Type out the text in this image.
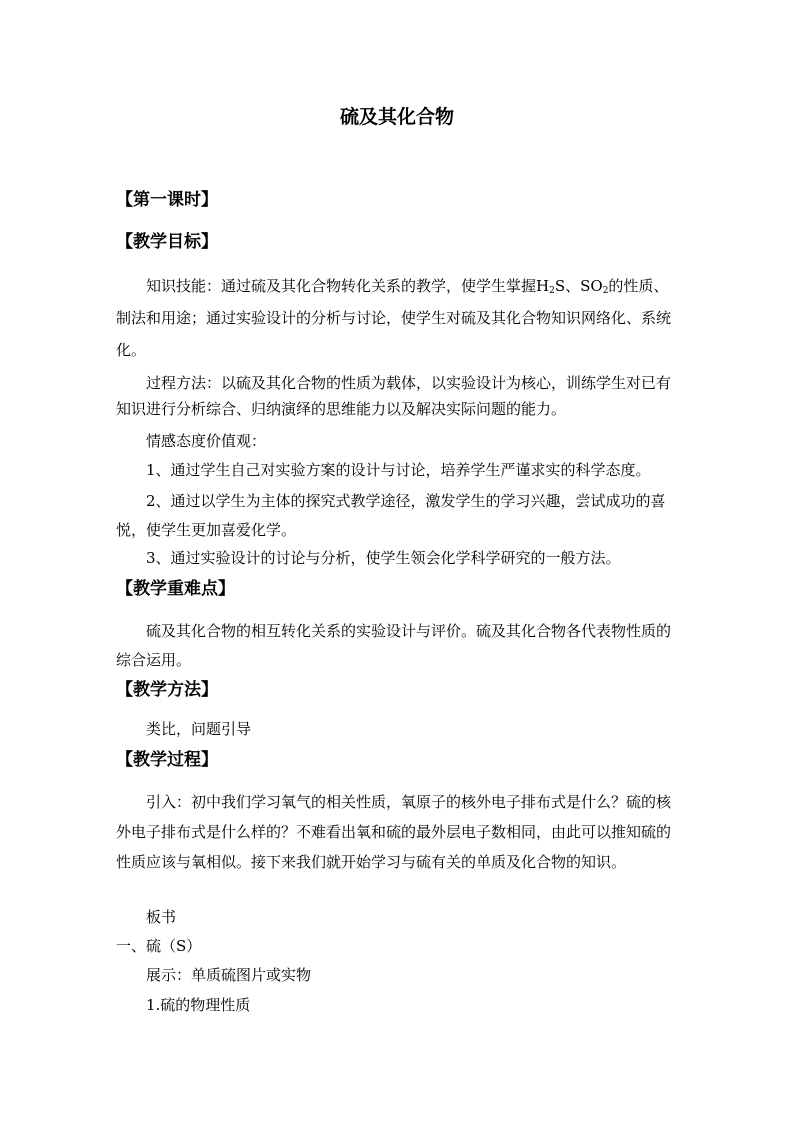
硫及其化合物
【第一课时】
【教学目标】

知识技能：通过硫及其化合物转化关系的教学，使学生掌握$H_2S$、$SO_2$的性质、制法和用途；通过实验设计的分析与讨论，使学生对硫及其化合物知识网络化、系统化。

过程方法：以硫及其化合物的性质为载体，以实验设计为核心，训练学生对已有知识进行分析综合、归纳演绎的思维能力以及解决实际问题的能力。

情感态度价值观：

1、通过学生自己对实验方案的设计与讨论，培养学生严谨求实的科学态度。

2、通过以学生为主体的探究式教学途径，激发学生的学习兴趣，尝试成功的喜悦，使学生更加喜爱化学。

3、通过实验设计的讨论与分析，使学生领会化学科学研究的一般方法。

【教学重难点】

硫及其化合物的相互转化关系的实验设计与评价。硫及其化合物各代表物性质的综合运用。

【教学方法】

类比，问题引导

【教学过程】

引入：初中我们学习氧气的相关性质，氧原子的核外电子排布式是什么？硫的核外电子排布式是什么样的？不难看出氧和硫的最外层电子数相同，由此可以推知硫的性质应该与氧相似。接下来我们就开始学习与硫有关的单质及化合物的知识。

板书

一、硫（S）

展示：单质硫图片或实物

1.硫的物理性质
